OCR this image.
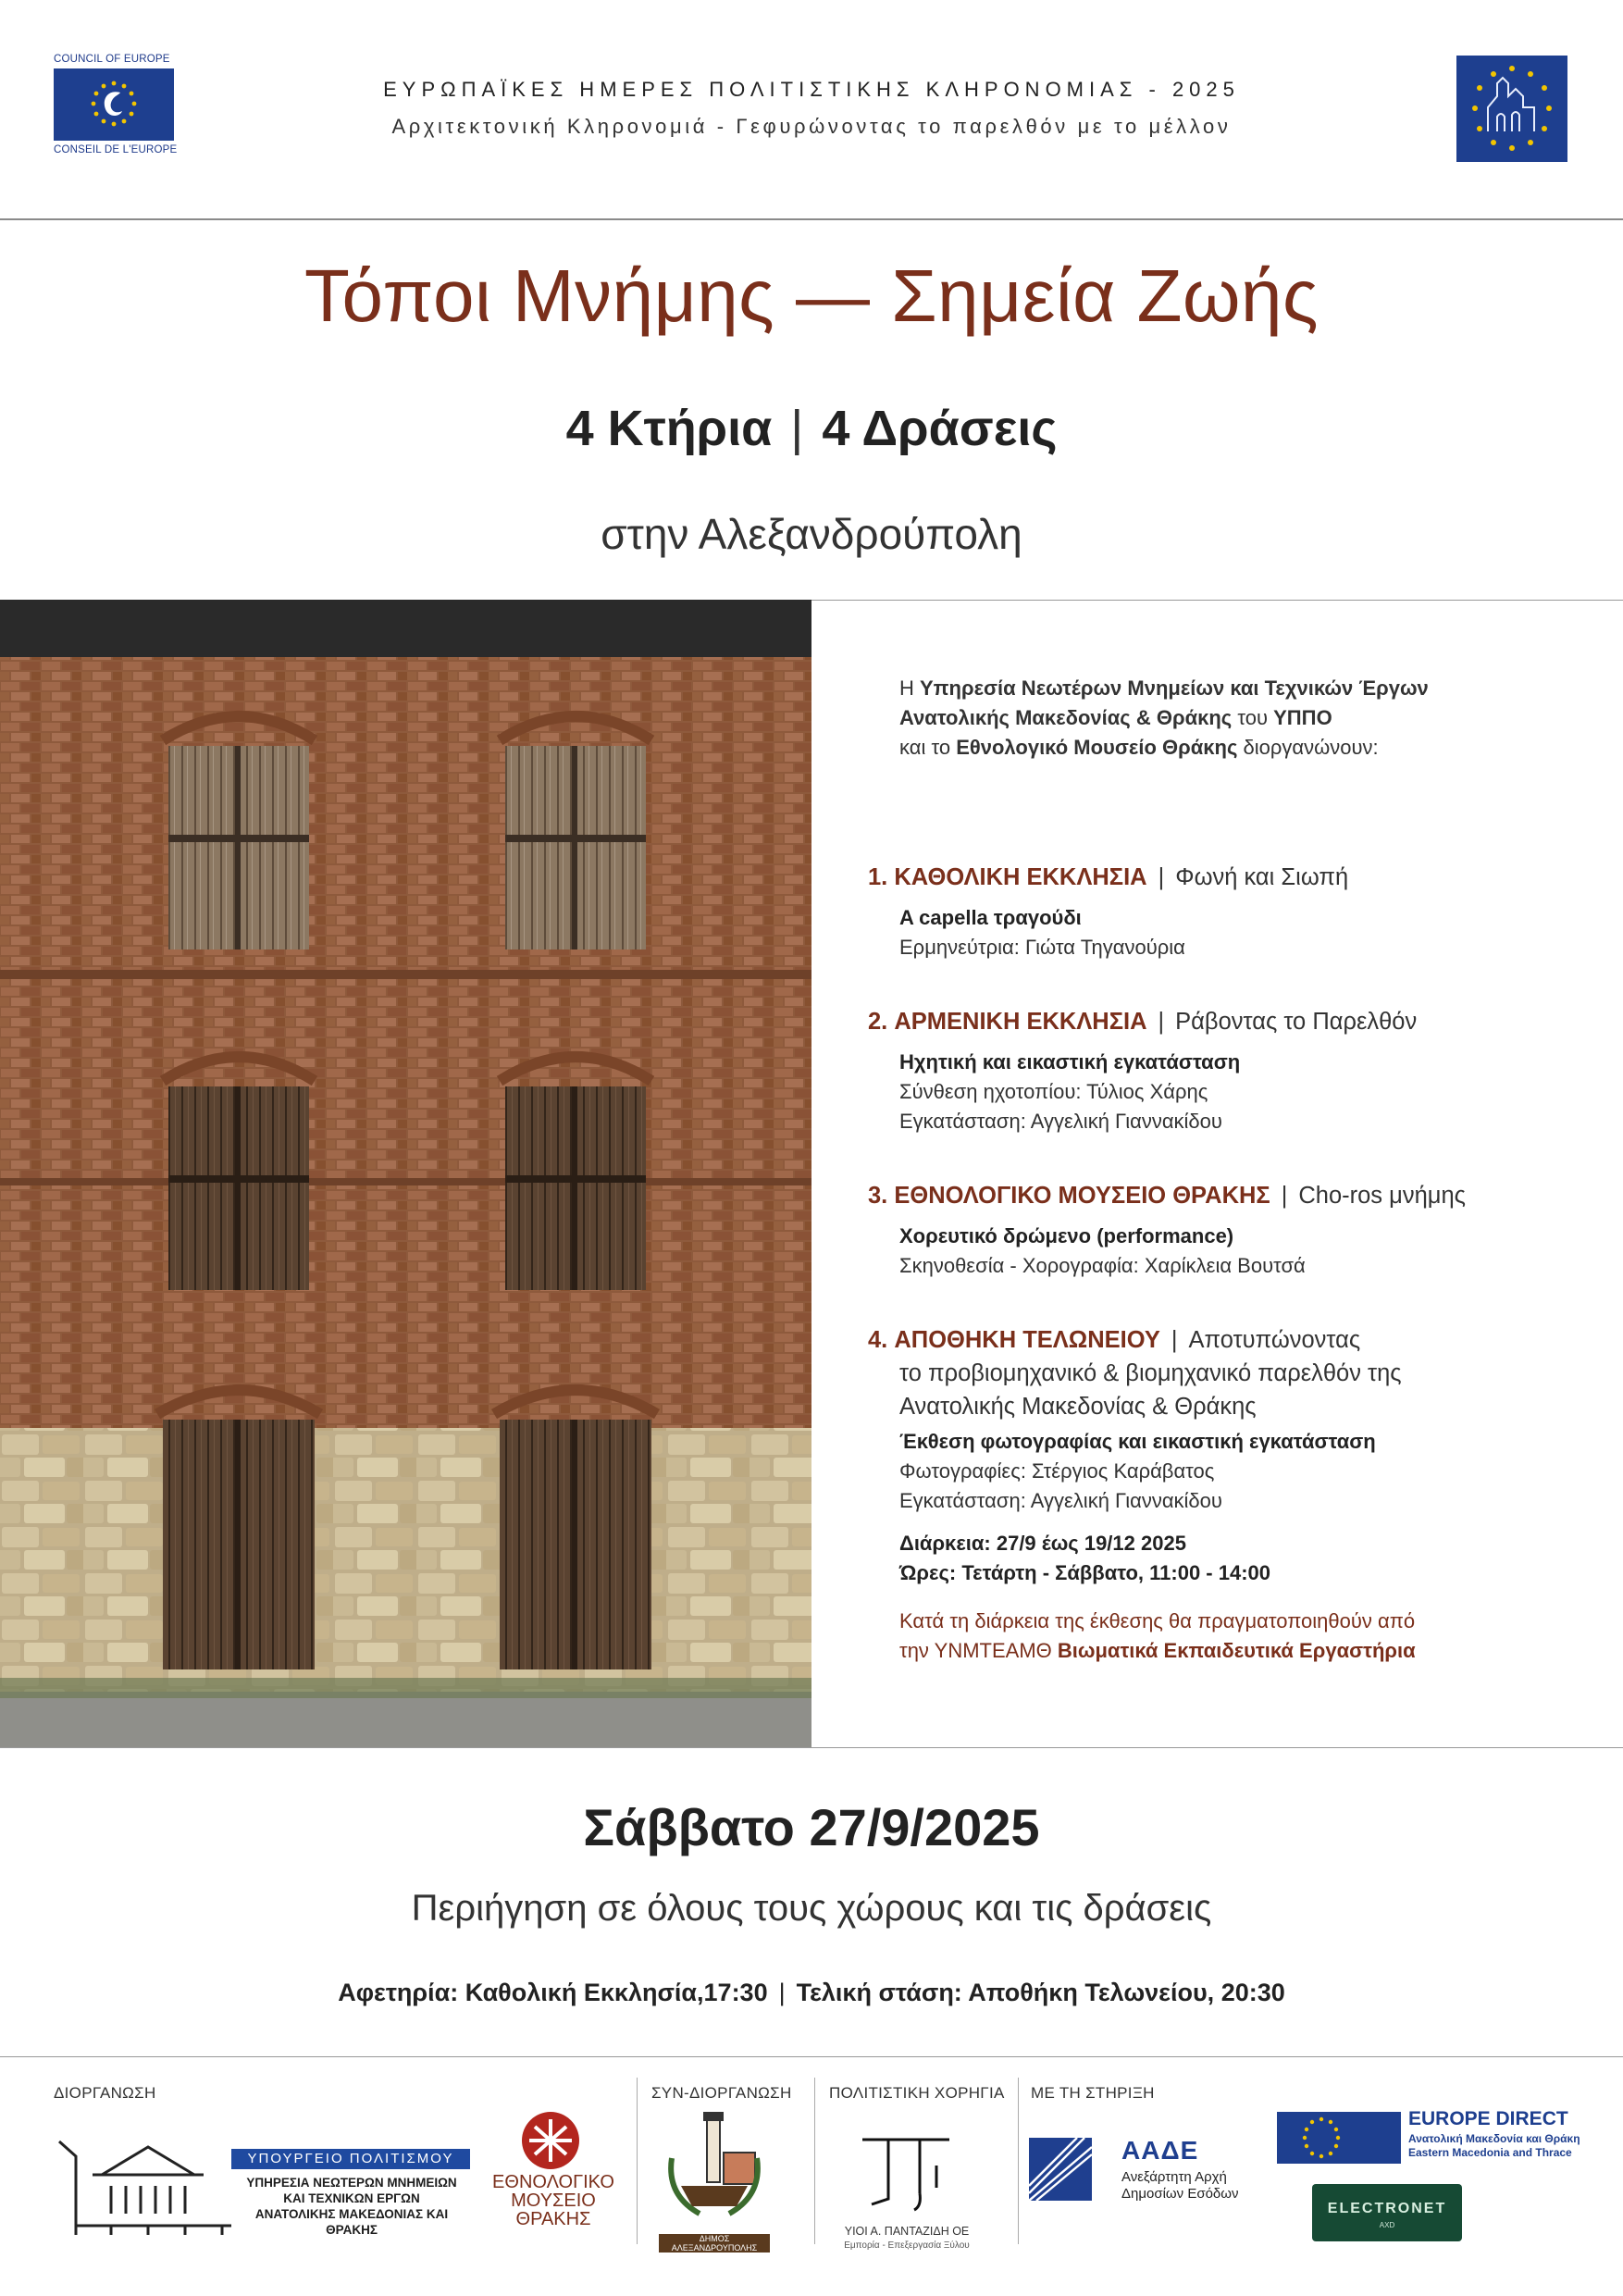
COUNCIL OF EUROPE
CONSEIL DE L'EUROPE
ΕΥΡΩΠΑΪΚΕΣ ΗΜΕΡΕΣ ΠΟΛΙΤΙΣΤΙΚΗΣ ΚΛΗΡΟΝΟΜΙΑΣ - 2025
Αρχιτεκτονική Κληρονομιά - Γεφυρώνοντας το παρελθόν με το μέλλον
Τόποι Μνήμης — Σημεία Ζωής
4 Κτήρια | 4 Δράσεις
στην Αλεξανδρούπολη
Η Υπηρεσία Νεωτέρων Μνημείων και Τεχνικών Έργων
Ανατολικής Μακεδονίας & Θράκης του ΥΠΠΟ
και το Εθνολογικό Μουσείο Θράκης διοργανώνουν:
1. ΚΑΘΟΛΙΚΗ ΕΚΚΛΗΣΙΑ | Φωνή και Σιωπή
A capella τραγούδι
Ερμηνεύτρια: Γιώτα Τηγανούρια
2. ΑΡΜΕΝΙΚΗ ΕΚΚΛΗΣΙΑ | Ράβοντας το Παρελθόν
Ηχητική και εικαστική εγκατάσταση
Σύνθεση ηχοτοπίου: Τύλιος Χάρης
Εγκατάσταση: Αγγελική Γιαννακίδου
3. ΕΘΝΟΛΟΓΙΚΟ ΜΟΥΣΕΙΟ ΘΡΑΚΗΣ | Cho-ros μνήμης
Χορευτικό δρώμενο (performance)
Σκηνοθεσία - Χορογραφία: Χαρίκλεια Βουτσά
4. ΑΠΟΘΗΚΗ ΤΕΛΩΝΕΙΟΥ | Αποτυπώνοντας
το προβιομηχανικό & βιομηχανικό παρελθόν της
Ανατολικής Μακεδονίας & Θράκης
Έκθεση φωτογραφίας και εικαστική εγκατάσταση
Φωτογραφίες: Στέργιος Καράβατος
Εγκατάσταση: Αγγελική Γιαννακίδου
Διάρκεια: 27/9 έως 19/12 2025
Ώρες: Τετάρτη - Σάββατο, 11:00 - 14:00
Κατά τη διάρκεια της έκθεσης θα πραγματοποιηθούν από
την ΥΝΜΤΕΑΜΘ Βιωματικά Εκπαιδευτικά Εργαστήρια
Σάββατο 27/9/2025
Περιήγηση σε όλους τους χώρους και τις δράσεις
Αφετηρία: Καθολική Εκκλησία,17:30 | Τελική στάση: Αποθήκη Τελωνείου, 20:30
ΔΙΟΡΓΑΝΩΣΗ	ΣΥΝ-ΔΙΟΡΓΑΝΩΣΗ ΠΟΛΙΤΙΣΤΙΚΗ ΧΟΡΗΓΙΑ ΜΕ ΤΗ ΣΤΗΡΙΞΗ
ΥΠΟΥΡΓΕΙΟ ΠΟΛΙΤΙΣΜΟΥ
ΥΠΗΡΕΣΙΑ ΝΕΩΤΕΡΩΝ ΜΝΗΜΕΙΩΝ
ΚΑΙ ΤΕΧΝΙΚΩΝ ΕΡΓΩΝ
ΑΝΑΤΟΛΙΚΗΣ ΜΑΚΕΔΟΝΙΑΣ ΚΑΙ ΘΡΑΚΗΣ
ΕΘΝΟΛΟΓΙΚΟ
ΜΟΥΣΕΙΟ
ΘΡΑΚΗΣ
ΔΗΜΟΣ ΑΛΕΞΑΝΔΡΟΥΠΟΛΗΣ
ΥΙΟΙ Α. ΠΑΝΤΑΖΙΔΗ ΟΕ
Εμπορία - Επεξεργασία Ξύλου
ΑΑΔΕ
Ανεξάρτητη Αρχή
Δημοσίων Εσόδων
EUROPE DIRECT
Ανατολική Μακεδονία και Θράκη
Eastern Macedonia and Thrace
ELECTRONET
AXD
